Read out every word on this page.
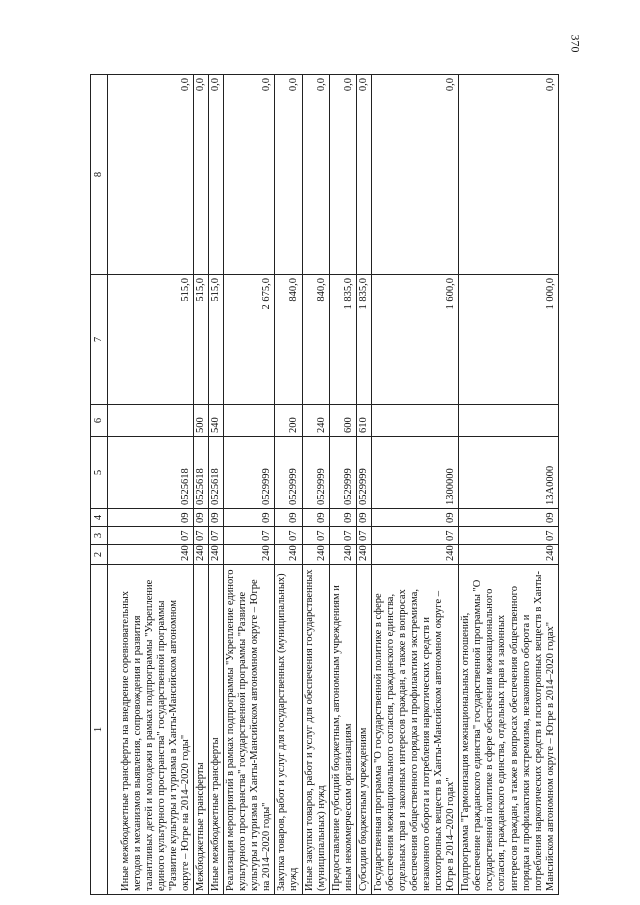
370
1	2	3	4	5	6	7	8
Иные межбюджетные трансферты на внедрение соревновательных методов и механизмов выявления, сопровождения и развития талантливых детей и молодежи в рамках подпрограммы "Укрепление единого культурного пространства" государственной программы "Развитие культуры и туризма в Ханты-Мансийском автономном округе – Югре на 2014–2020 годы"	240	07	09	0525618		515,0	0,0
Межбюджетные трансферты	240	07	09	0525618	500	515,0	0,0
Иные межбюджетные трансферты	240	07	09	0525618	540	515,0	0,0
Реализация мероприятий в рамках подпрограммы "Укрепление единого культурного пространства" государственной программы "Развитие культуры и туризма в Ханты-Мансийском автономном округе – Югре на 2014–2020 годы"	240	07	09	0529999		2 675,0	0,0
Закупка товаров, работ и услуг для государственных (муниципальных) нужд	240	07	09	0529999	200	840,0	0,0
Иные закупки товаров, работ и услуг для обеспечения государственных (муниципальных) нужд	240	07	09	0529999	240	840,0	0,0
Предоставление субсидий бюджетным, автономным учреждениям и иным некоммерческим организациям	240	07	09	0529999	600	1 835,0	0,0
Субсидии бюджетным учреждениям	240	07	09	0529999	610	1 835,0	0,0
Государственная программа "О государственной политике в сфере обеспечения межнационального согласия, гражданского единства, отдельных прав и законных интересов граждан, а также в вопросах обеспечения общественного порядка и профилактики экстремизма, незаконного оборота и потребления наркотических средств и психотропных веществ в Ханты-Мансийском автономном округе – Югре в 2014–2020 годах"	240	07	09	1300000		1 600,0	0,0
Подпрограмма "Гармонизация межнациональных отношений, обеспечение гражданского единства" государственной программы "О государственной политике в сфере обеспечения межнационального согласия, гражданского единства, отдельных прав и законных интересов граждан, а также в вопросах обеспечения общественного порядка и профилактики экстремизма, незаконного оборота и потребления наркотических средств и психотропных веществ в Ханты-Мансийском автономном округе – Югре в 2014–2020 годах"	240	07	09	13А0000		1 000,0	0,0
